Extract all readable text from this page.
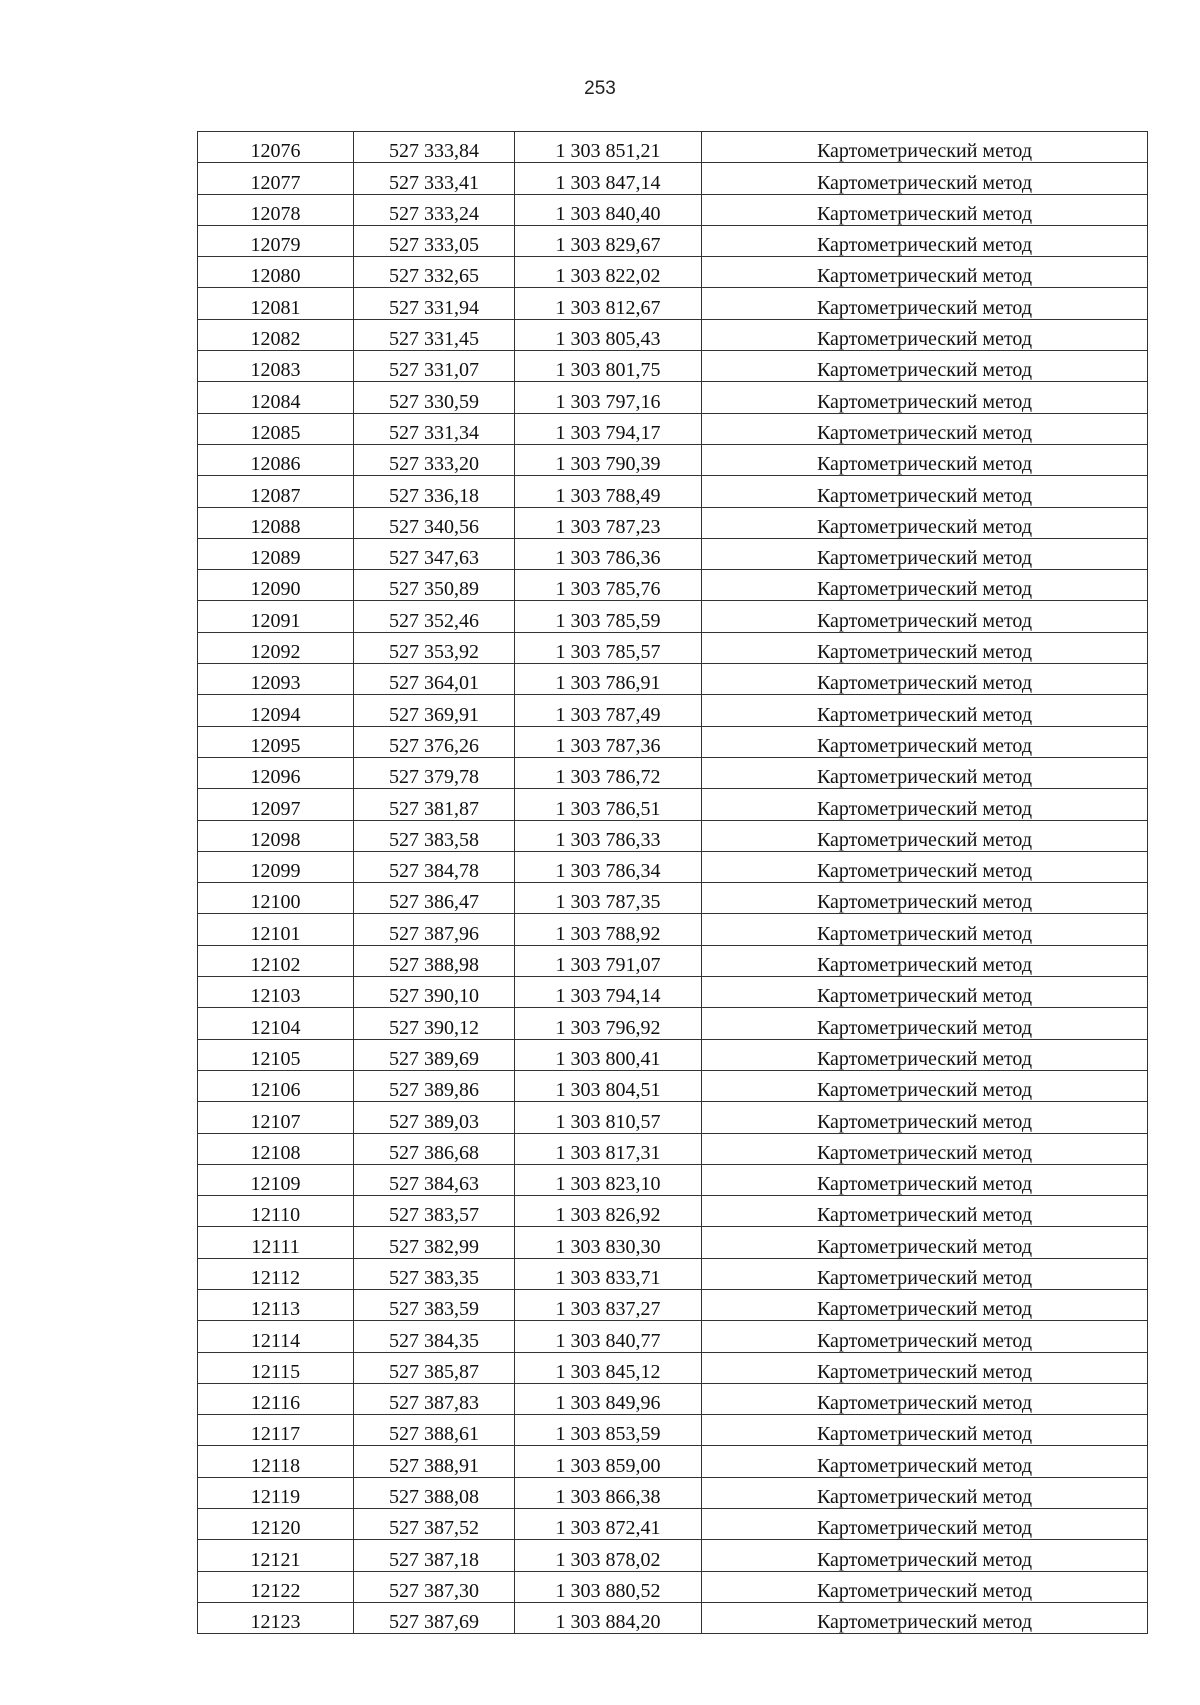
253
12076	527 333,84	1 303 851,21	Картометрический метод
12077	527 333,41	1 303 847,14	Картометрический метод
12078	527 333,24	1 303 840,40	Картометрический метод
12079	527 333,05	1 303 829,67	Картометрический метод
12080	527 332,65	1 303 822,02	Картометрический метод
12081	527 331,94	1 303 812,67	Картометрический метод
12082	527 331,45	1 303 805,43	Картометрический метод
12083	527 331,07	1 303 801,75	Картометрический метод
12084	527 330,59	1 303 797,16	Картометрический метод
12085	527 331,34	1 303 794,17	Картометрический метод
12086	527 333,20	1 303 790,39	Картометрический метод
12087	527 336,18	1 303 788,49	Картометрический метод
12088	527 340,56	1 303 787,23	Картометрический метод
12089	527 347,63	1 303 786,36	Картометрический метод
12090	527 350,89	1 303 785,76	Картометрический метод
12091	527 352,46	1 303 785,59	Картометрический метод
12092	527 353,92	1 303 785,57	Картометрический метод
12093	527 364,01	1 303 786,91	Картометрический метод
12094	527 369,91	1 303 787,49	Картометрический метод
12095	527 376,26	1 303 787,36	Картометрический метод
12096	527 379,78	1 303 786,72	Картометрический метод
12097	527 381,87	1 303 786,51	Картометрический метод
12098	527 383,58	1 303 786,33	Картометрический метод
12099	527 384,78	1 303 786,34	Картометрический метод
12100	527 386,47	1 303 787,35	Картометрический метод
12101	527 387,96	1 303 788,92	Картометрический метод
12102	527 388,98	1 303 791,07	Картометрический метод
12103	527 390,10	1 303 794,14	Картометрический метод
12104	527 390,12	1 303 796,92	Картометрический метод
12105	527 389,69	1 303 800,41	Картометрический метод
12106	527 389,86	1 303 804,51	Картометрический метод
12107	527 389,03	1 303 810,57	Картометрический метод
12108	527 386,68	1 303 817,31	Картометрический метод
12109	527 384,63	1 303 823,10	Картометрический метод
12110	527 383,57	1 303 826,92	Картометрический метод
12111	527 382,99	1 303 830,30	Картометрический метод
12112	527 383,35	1 303 833,71	Картометрический метод
12113	527 383,59	1 303 837,27	Картометрический метод
12114	527 384,35	1 303 840,77	Картометрический метод
12115	527 385,87	1 303 845,12	Картометрический метод
12116	527 387,83	1 303 849,96	Картометрический метод
12117	527 388,61	1 303 853,59	Картометрический метод
12118	527 388,91	1 303 859,00	Картометрический метод
12119	527 388,08	1 303 866,38	Картометрический метод
12120	527 387,52	1 303 872,41	Картометрический метод
12121	527 387,18	1 303 878,02	Картометрический метод
12122	527 387,30	1 303 880,52	Картометрический метод
12123	527 387,69	1 303 884,20	Картометрический метод
